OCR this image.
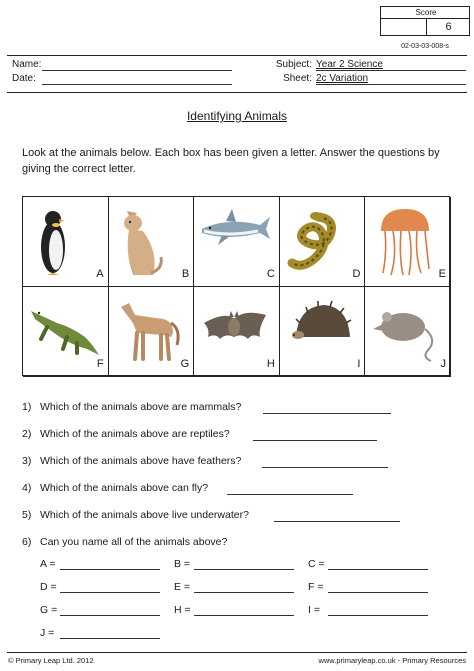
Score
6
02-03-03-008-s
Name:
Date:
Subject: Year 2 Science
Sheet: 2c Variation
Identifying Animals
Look at the animals below. Each box has been given a letter. Answer the questions by giving the correct letter.
A	B	C	D	E
F	G	H	I	J
1) Which of the animals above are mammals?
2) Which of the animals above are reptiles?
3) Which of the animals above have feathers?
4) Which of the animals above can fly?
5) Which of the animals above live underwater?
6) Can you name all of the animals above?
A =	B =	C =
D =	E =	F =
G =	H =	I =
J =
© Primary Leap Ltd. 2012	www.primaryleap.co.uk - Primary Resources
